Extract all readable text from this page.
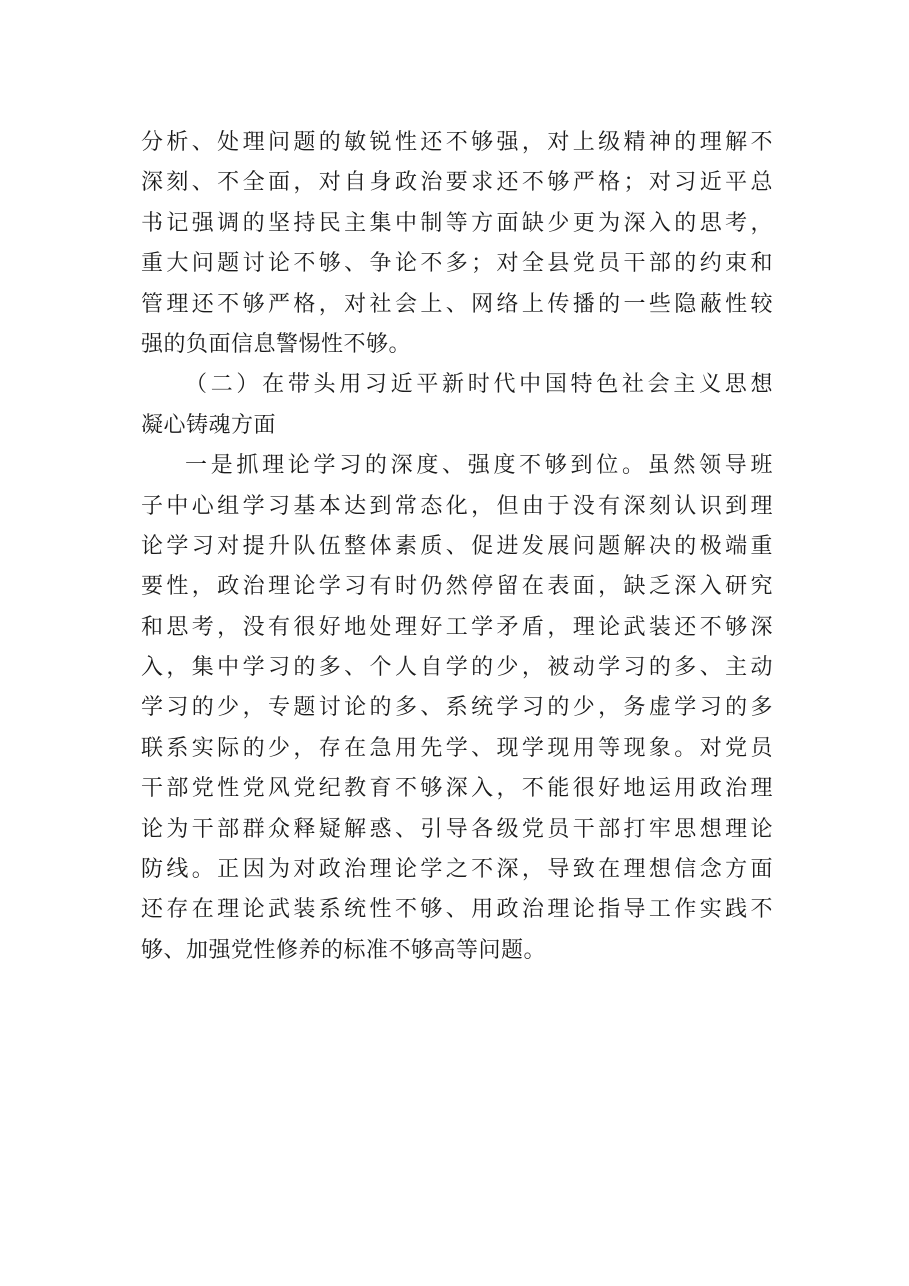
分析、处理问题的敏锐性还不够强，对上级精神的理解不
深刻、不全面，对自身政治要求还不够严格；对习近平总
书记强调的坚持民主集中制等方面缺少更为深入的思考，
重大问题讨论不够、争论不多；对全县党员干部的约束和
管理还不够严格，对社会上、网络上传播的一些隐蔽性较
强的负面信息警惕性不够。
（二）在带头用习近平新时代中国特色社会主义思想
凝心铸魂方面
一是抓理论学习的深度、强度不够到位。虽然领导班
子中心组学习基本达到常态化，但由于没有深刻认识到理
论学习对提升队伍整体素质、促进发展问题解决的极端重
要性，政治理论学习有时仍然停留在表面，缺乏深入研究
和思考，没有很好地处理好工学矛盾，理论武装还不够深
入，集中学习的多、个人自学的少，被动学习的多、主动
学习的少，专题讨论的多、系统学习的少，务虚学习的多
联系实际的少，存在急用先学、现学现用等现象。对党员
干部党性党风党纪教育不够深入，不能很好地运用政治理
论为干部群众释疑解惑、引导各级党员干部打牢思想理论
防线。正因为对政治理论学之不深，导致在理想信念方面
还存在理论武装系统性不够、用政治理论指导工作实践不
够、加强党性修养的标准不够高等问题。
